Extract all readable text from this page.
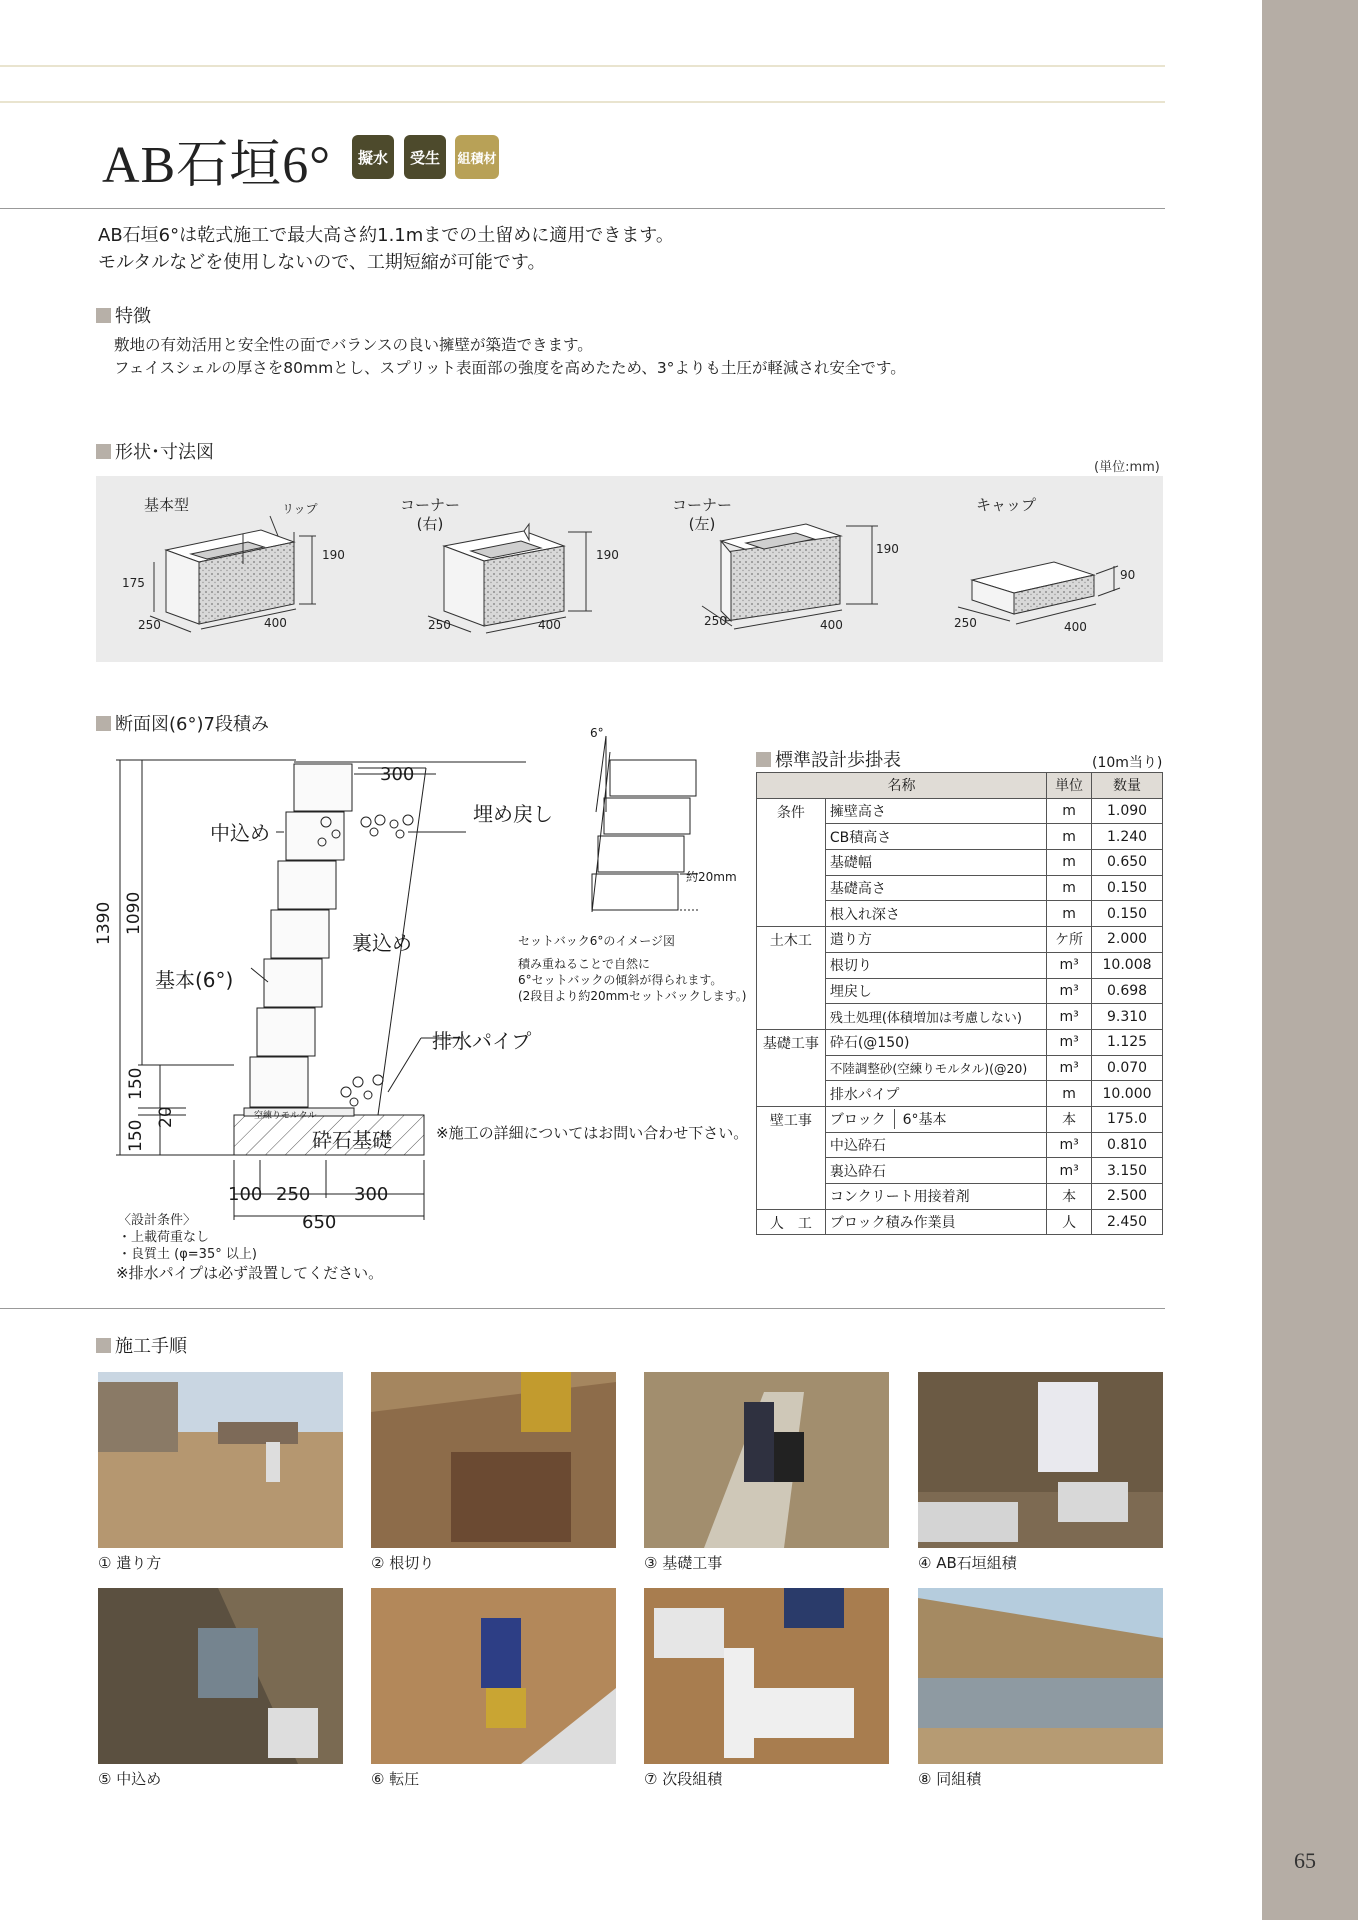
65
AB石垣6°	擬水	受生	組積材
AB石垣6°は乾式施工で最大高さ約1.1mまでの土留めに適用できます。
モルタルなどを使用しないので、工期短縮が可能です。
特徴
敷地の有効活用と安全性の面でバランスの良い擁壁が築造できます。
フェイスシェルの厚さを80mmとし、スプリット表面部の強度を高めたため、3°よりも土圧が軽減され安全です。
形状･寸法図
(単位:mm)
基本型	リップ
190
175
250	400
コーナー
(右)
190
250	400
コーナー
(左)
190
250	400
キャップ
90
250	400
断面図(6°)7段積み
中込め
埋め戻し
裏込め
基本(6°)
排水パイプ
砕石基礎
空練りモルタル
300
1390 1090
150
20
150
100 250 300
650
6°
約20mm
セットバック6°のイメージ図
積み重ねることで自然に
6°セットバックの傾斜が得られます。
(2段目より約20mmセットバックします。)
※施工の詳細についてはお問い合わせ下さい。
〈設計条件〉
・上載荷重なし
・良質土 (φ=35° 以上)
※排水パイプは必ず設置してください。
標準設計歩掛表	(10m当り)
名称		単位	数量
条件	擁壁高さ	m	1.090
	CB積高さ	m	1.240
	基礎幅	m	0.650
	基礎高さ	m	0.150
	根入れ深さ	m	0.150
土木工	遣り方	ケ所	2.000
	根切り	m³	10.008
	埋戻し	m³	0.698
	残土処理(体積増加は考慮しない)	m³	9.310
基礎工事	砕石(@150)	m³	1.125
	不陸調整砂(空練りモルタル)(@20)	m³	0.070
	排水パイプ	m	10.000
壁工事	ブロック 6°基本	本	175.0
	中込砕石	m³	0.810
	裏込砕石	m³	3.150
	コンクリート用接着剤	本	2.500
人　工	ブロック積み作業員	人	2.450
施工手順
① 遣り方	② 根切り	③ 基礎工事	④ AB石垣組積
⑤ 中込め	⑥ 転圧	⑦ 次段組積	⑧ 同組積
